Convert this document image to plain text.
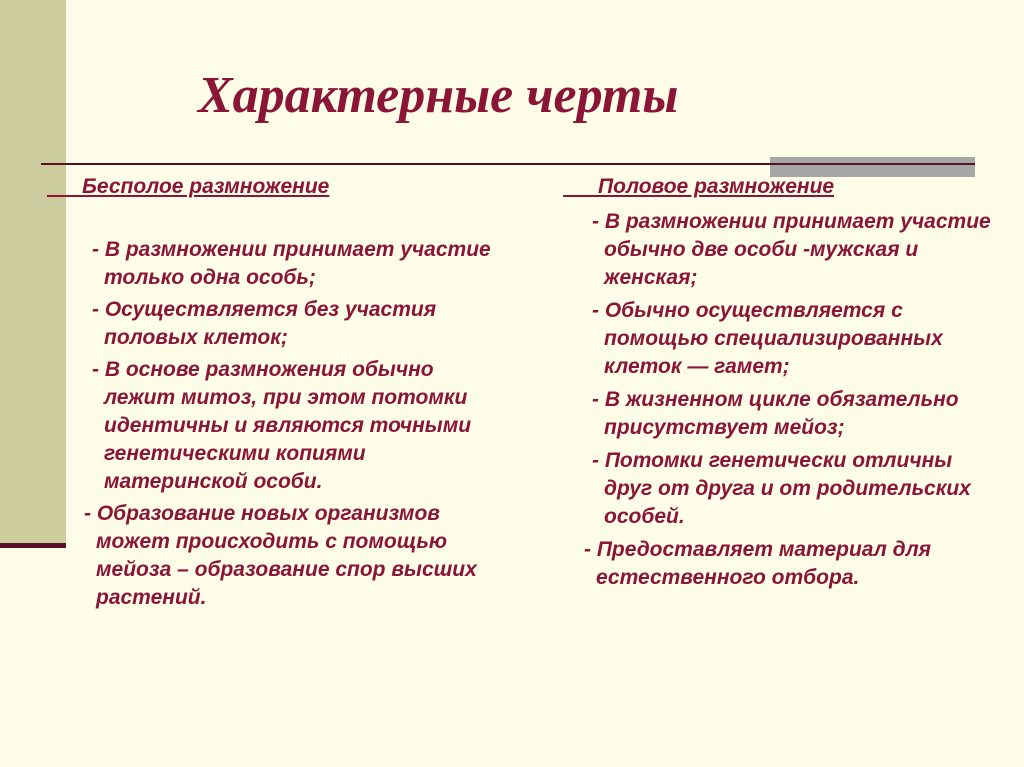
Характерные черты
Бесполое размножение	Половое размножение
- В размножении принимает участие только одна особь;
- Осуществляется без участия половых клеток;
- В основе размножения обычно лежит митоз, при этом потомки идентичны и являются точными генетическими копиями материнской особи.
- Образование новых организмов может происходить с помощью мейоза – образование спор высших растений.
- В размножении принимает участие обычно две особи -мужская и женская;
- Обычно осуществляется с помощью специализированных клеток — гамет;
- В жизненном цикле обязательно присутствует мейоз;
- Потомки генетически отличны друг от друга и от родительских особей.
- Предоставляет материал для естественного отбора.
